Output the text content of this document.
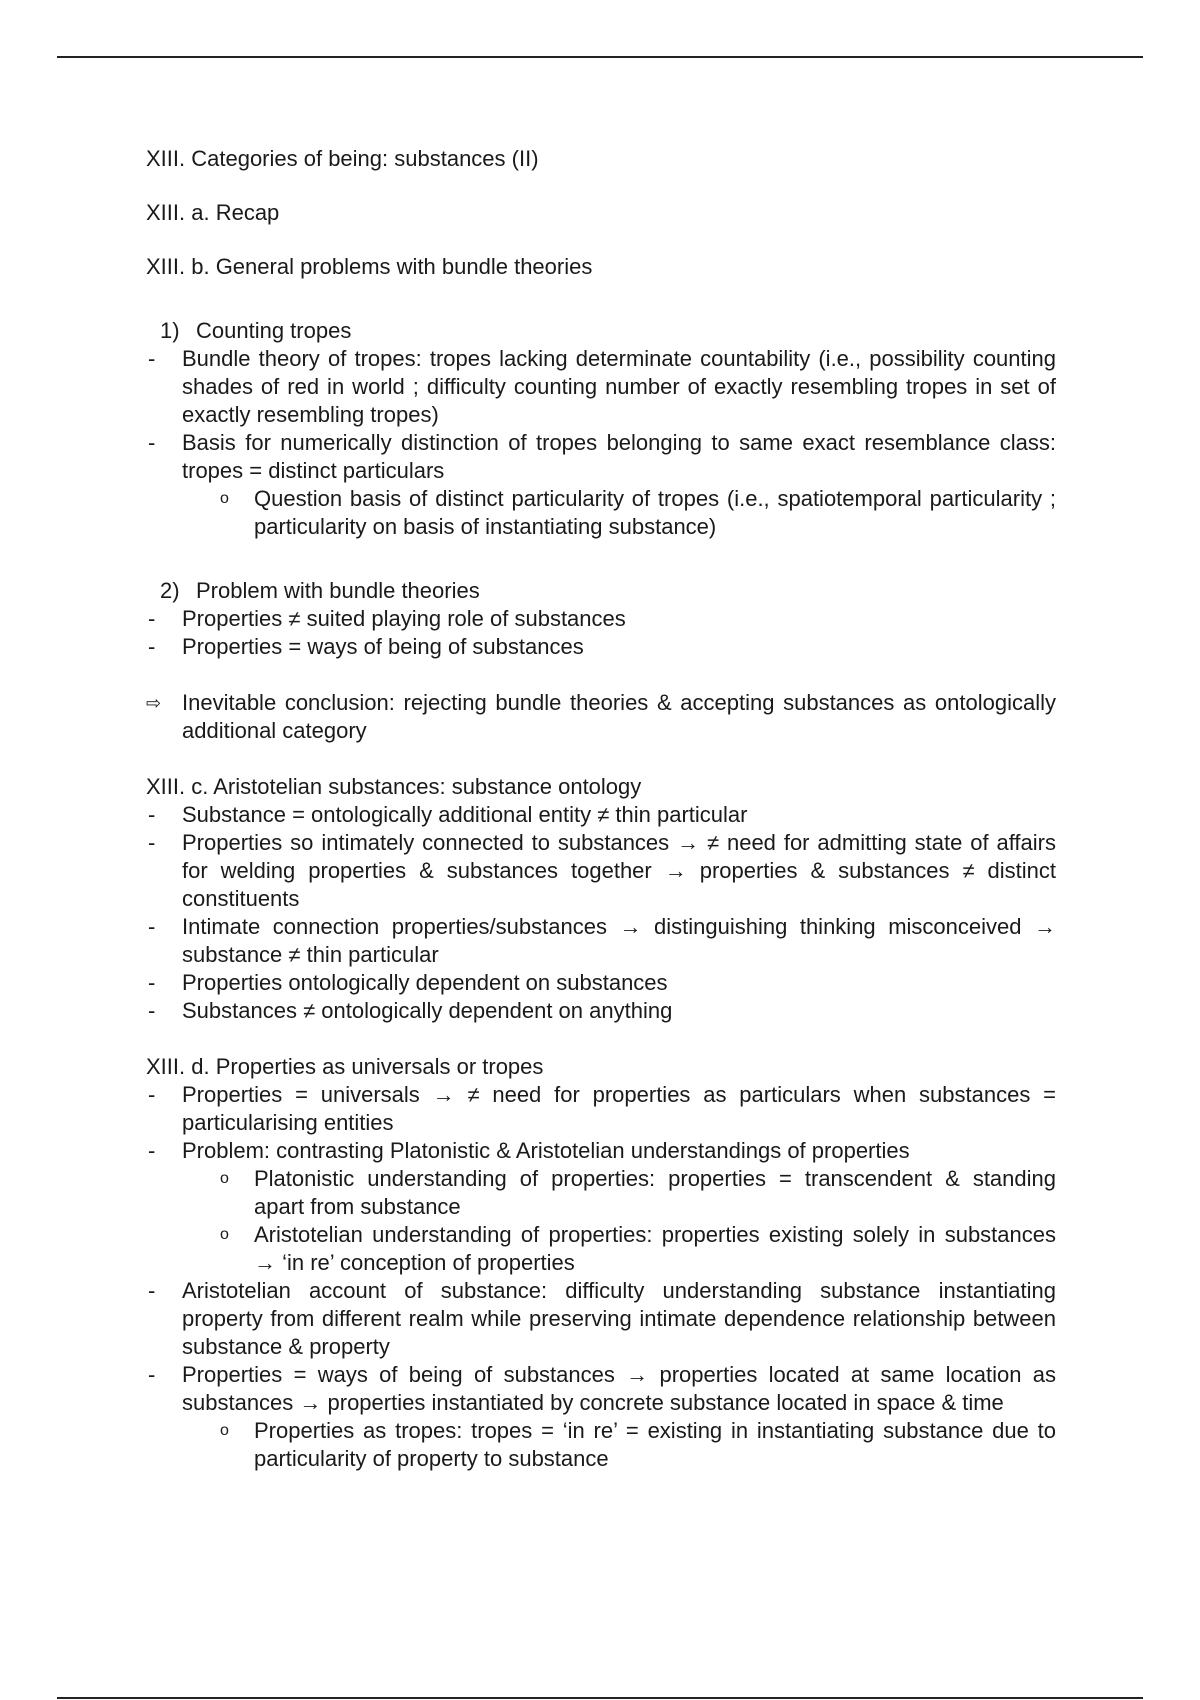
XIII. Categories of being: substances (II)

XIII. a. Recap

XIII. b. General problems with bundle theories

1) Counting tropes
-	Bundle theory of tropes: tropes lacking determinate countability (i.e., possibility counting shades of red in world ; difficulty counting number of exactly resembling tropes in set of exactly resembling tropes)
-	Basis for numerically distinction of tropes belonging to same exact resemblance class: tropes = distinct particulars
o	Question basis of distinct particularity of tropes (i.e., spatiotemporal particularity ; particularity on basis of instantiating substance)
2) Problem with bundle theories
-	Properties ≠ suited playing role of substances
-	Properties = ways of being of substances
⇨ Inevitable conclusion: rejecting bundle theories & accepting substances as ontologically additional category

XIII. c. Aristotelian substances: substance ontology

-	Substance = ontologically additional entity ≠ thin particular
-	Properties so intimately connected to substances → ≠ need for admitting state of affairs for welding properties & substances together → properties & substances ≠ distinct constituents
-	Intimate connection properties/substances → distinguishing thinking misconceived → substance ≠ thin particular
-	Properties ontologically dependent on substances
-	Substances ≠ ontologically dependent on anything

XIII. d. Properties as universals or tropes

-	Properties = universals → ≠ need for properties as particulars when substances = particularising entities
-	Problem: contrasting Platonistic & Aristotelian understandings of properties
o	Platonistic understanding of properties: properties = transcendent & standing apart from substance
o	Aristotelian understanding of properties: properties existing solely in substances → ‘in re’ conception of properties
-	Aristotelian account of substance: difficulty understanding substance instantiating property from different realm while preserving intimate dependence relationship between substance & property
-	Properties = ways of being of substances → properties located at same location as substances → properties instantiated by concrete substance located in space & time
o	Properties as tropes: tropes = ‘in re’ = existing in instantiating substance due to particularity of property to substance
